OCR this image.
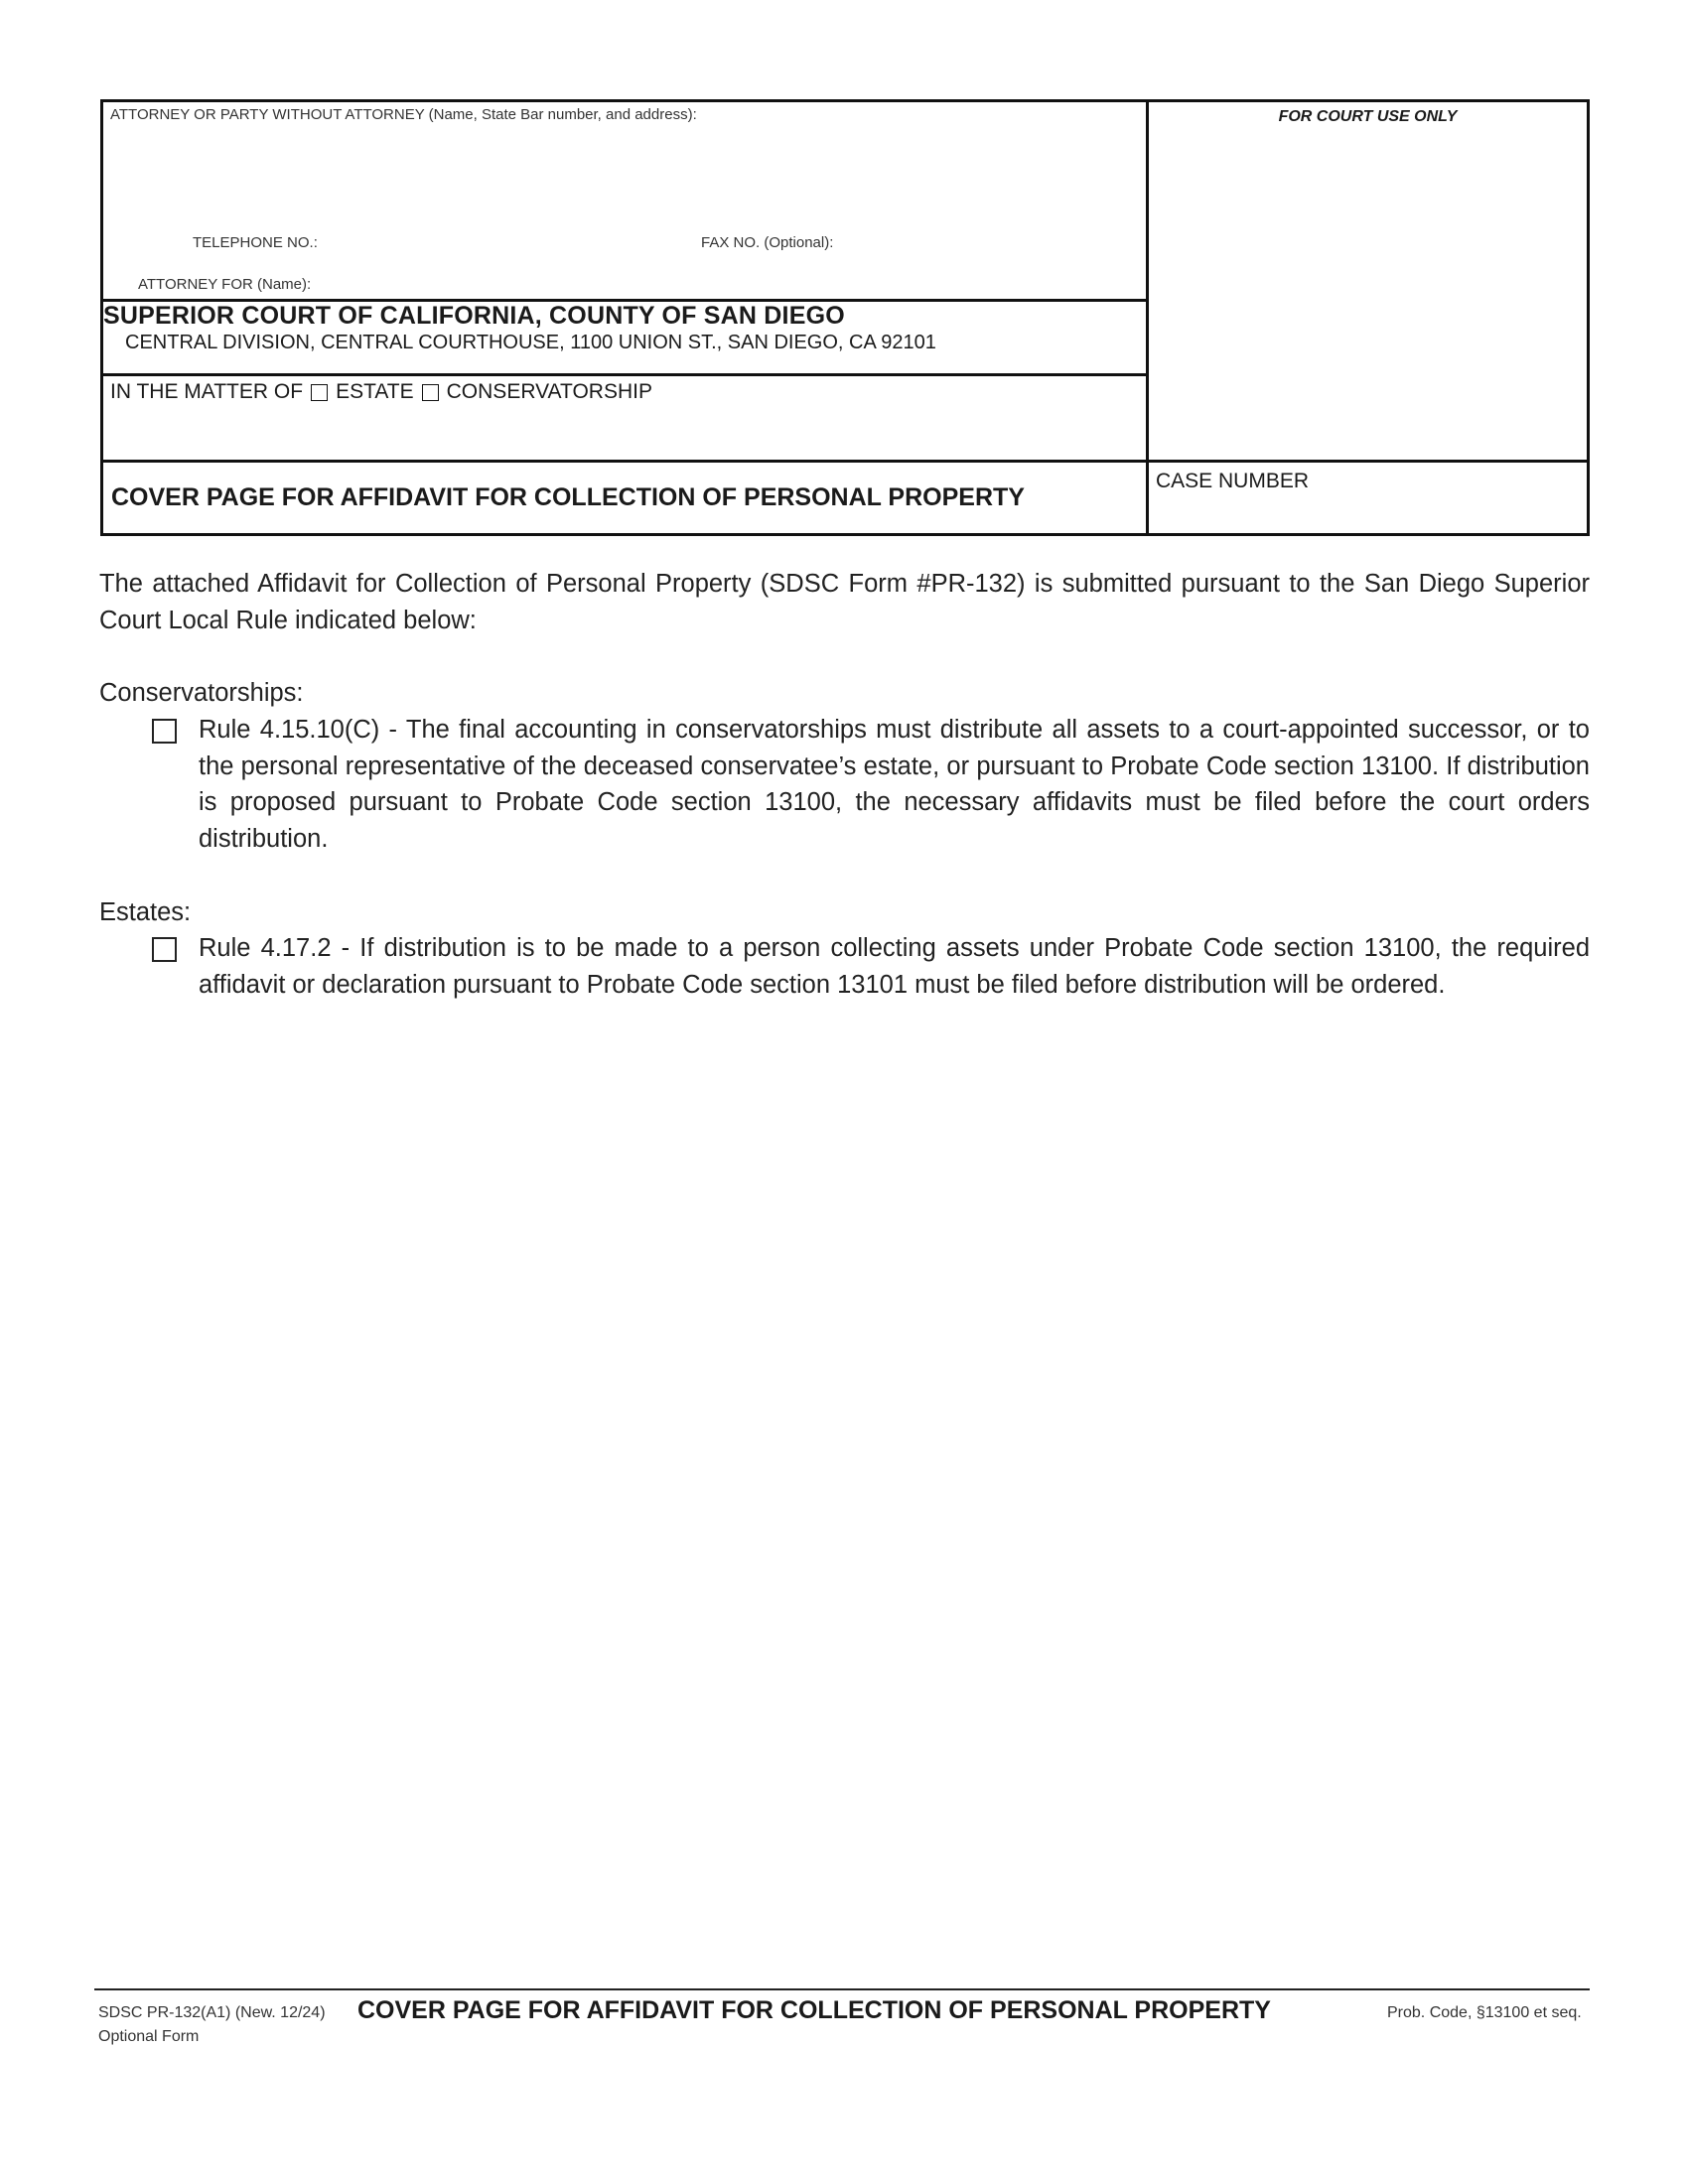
ATTORNEY OR PARTY WITHOUT ATTORNEY (Name, State Bar number, and address):
TELEPHONE NO.:	FAX NO. (Optional):
ATTORNEY FOR (Name):
FOR COURT USE ONLY
SUPERIOR COURT OF CALIFORNIA, COUNTY OF SAN DIEGO
CENTRAL DIVISION, CENTRAL COURTHOUSE, 1100 UNION ST., SAN DIEGO, CA 92101
IN THE MATTER OF ESTATE CONSERVATORSHIP
COVER PAGE FOR AFFIDAVIT FOR COLLECTION OF PERSONAL PROPERTY
CASE NUMBER
The attached Affidavit for Collection of Personal Property (SDSC Form #PR-132) is submitted pursuant to the San Diego Superior Court Local Rule indicated below:
Conservatorships:
Rule 4.15.10(C) - The final accounting in conservatorships must distribute all assets to a court-appointed successor, or to the personal representative of the deceased conservatee’s estate, or pursuant to Probate Code section 13100. If distribution is proposed pursuant to Probate Code section 13100, the necessary affidavits must be filed before the court orders distribution.
Estates:
Rule 4.17.2 - If distribution is to be made to a person collecting assets under Probate Code section 13100, the required affidavit or declaration pursuant to Probate Code section 13101 must be filed before distribution will be ordered.
SDSC PR-132(A1) (New. 12/24)
Optional Form
COVER PAGE FOR AFFIDAVIT FOR COLLECTION OF PERSONAL PROPERTY	Prob. Code, §13100 et seq.
